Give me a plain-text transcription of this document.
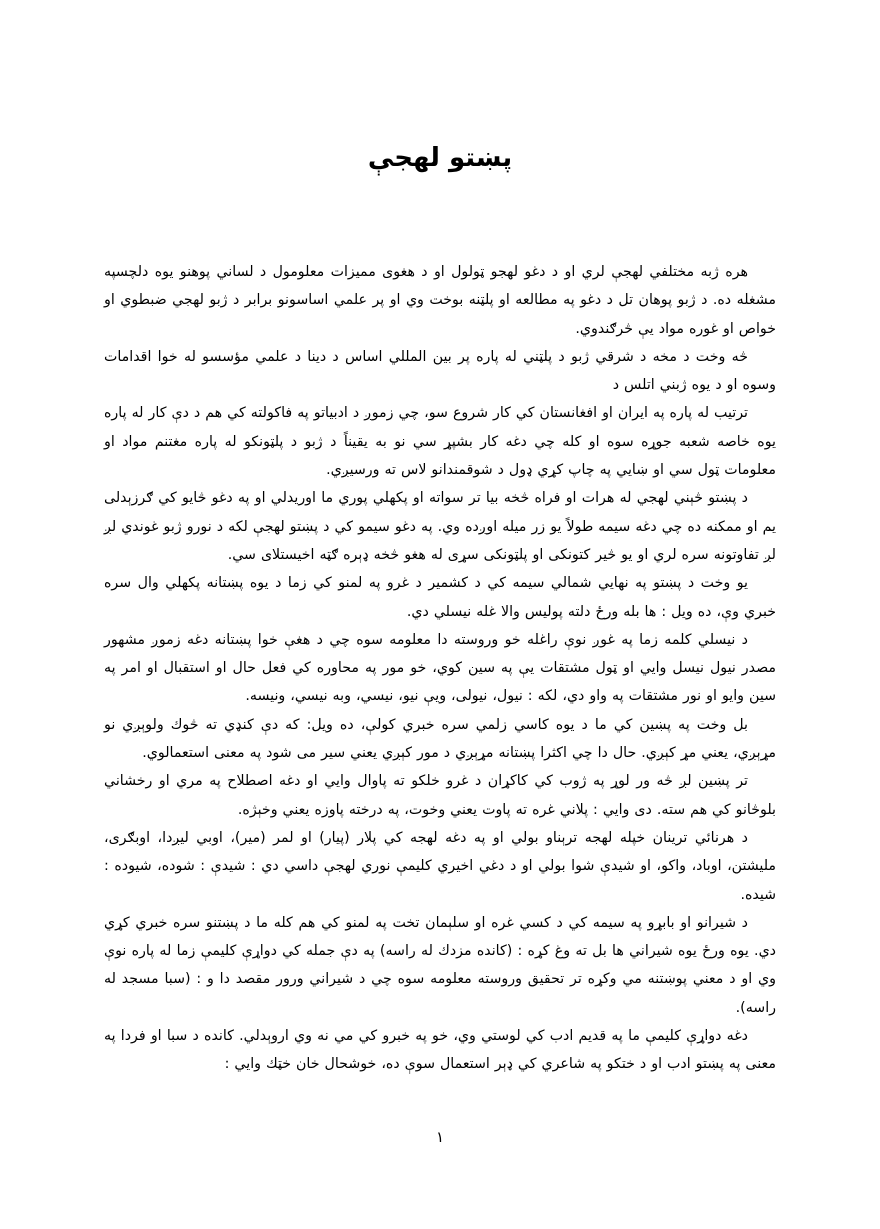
پښتو لهجې

هره ژبه مختلفي لهجې لري او د دغو لهجو ټولول او د هغوی ممیزات معلومول د لساني پوهنو یوه دلچسپه مشغله ده. د ژبو پوهان تل د دغو په مطالعه او پلټنه بوخت وي او پر علمي اساسونو برابر د ژبو لهجي ضبطوي او خواص او غوره مواد یې څرګندوي.

څه وخت د مخه د شرقي ژبو د پلټني له پاره پر بین المللي اساس د دینا د علمي مؤسسو له خوا اقدامات وسوه او د یوه ژبني اتلس د

ترتیب له پاره په ایران او افغانستان کي کار شروع سو، چي زموږ د ادبیاتو په فاکولته کي هم د دې کار له پاره یوه خاصه شعبه جوړه سوه او کله چي دغه کار بشپړ سي نو به یقیناً د ژبو د پلټونکو له پاره مغتنم مواد او معلومات ټول سي او ښایي په چاپ کړي ډول د شوقمندانو لاس ته ورسیږي.

د پښتو څېني لهجي له هرات او فراه څخه بیا تر سواته او پکهلي پوري ما اوریدلي او په دغو څایو کي ګرزېدلی یم او ممکنه ده چي دغه سیمه طولاً یو زر میله اوږده وي. په دغو سیمو کي د پښتو لهجې لکه د نورو ژبو غوندي لږ لږ تفاوتونه سره لري او یو څیر کتونکی او پلټونکی سړی له هغو څخه ډېره ګټه اخیستلای سي.

یو وخت د پښتو په نهایي شمالي سیمه کي د کشمیر د غرو په لمنو کي زما د یوه پښتانه پکهلي وال سره خبري وې، ده ویل : ها بله ورځ دلته پولیس والا غله نیسلي دي.

د نیسلي کلمه زما په غوږ نوې راغله خو وروسته دا معلومه سوه چي د هغې خوا پښتانه دغه زموږ مشهور مصدر نیول نیسل وایي او ټول مشتقات یې په سین کوي، خو مور په محاوره کي فعل حال او استقبال او امر په سین وایو او نور مشتقات په واو دي، لکه : نیول، نیولی، ویې نیو، نیسي، وبه نیسي، ونیسه.

بل وخت په پښین کي ما د یوه کاسي زلمي سره خبري کولې، ده ویل: که دې کنډي ته څوك ولوېږي نو مړېږي، یعني مړ کېږي. حال دا چي اکثرا پښتانه مړېږي د مور کېږي یعني سیر می شود په معنی استعمالوي.

تر پښین لږ څه ور لوړ په ژوب کي کاکړان د غرو خلکو ته پاوال وایي او دغه اصطلاح په مري او رخشاني بلوڅانو کي هم سته. دی وایي : پلاني غره ته پاوت یعني وخوت، په درخته پاوزه یعني وخېژه.

د هرنائي ترینان خپله لهجه ترېناو بولي او په دغه لهجه کي پلار (پیار) او لمر (میر)، اوبي لیږدا، اوبګری، ملیشتن، اوباد، واکو، او شیدې شوا بولي او د دغي اخیري کلیمې نوري لهجې داسي دي : شیدې : شوده، شیوده : شیده.

د شیرانو او بابړو په سیمه کي د کسي غره او سلېمان تخت په لمنو کي هم کله ما د پښتنو سره خبري کړي دي. یوه ورځ یوه شیراني ها بل ته وغ کړه : (کانده مزدك له راسه) په دې جمله کي دواړې کلیمې زما له پاره نوې وي او د معني پوښتنه مي وکړه تر تحقیق وروسته معلومه سوه چي د شیراني ورور مقصد دا و : (سبا مسجد له راسه).

دغه دواړې کلیمې ما په قدیم ادب کي لوستي وي، خو په خبرو کي مي نه وي اروېدلي. کانده د سبا او فردا په معنی په پښتو ادب او د ختکو په شاعري کي ډېر استعمال سوې ده، خوشحال خان خټك وایي :

١
